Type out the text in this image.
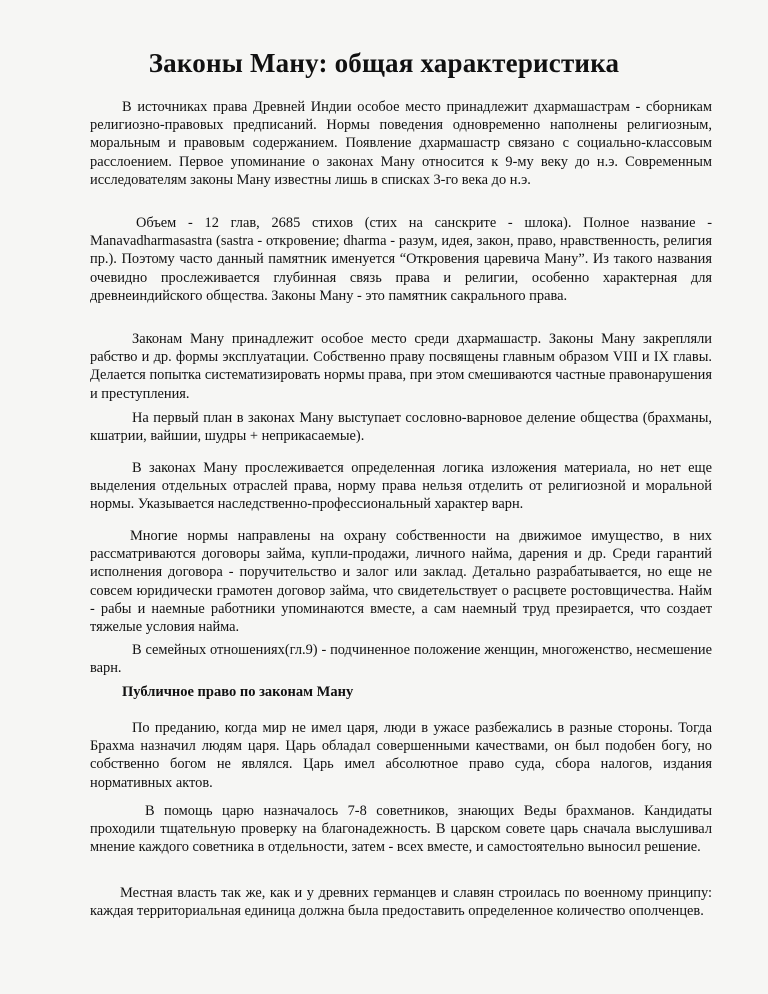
Законы Ману: общая характеристика

В источниках права Древней Индии особое место принадлежит дхармашастрам - сборникам религиозно-правовых предписаний. Нормы поведения одновременно наполнены религиозным, моральным и правовым содержанием. Появление дхармашастр связано с социально-классовым расслоением. Первое упоминание о законах Ману относится к 9-му веку до н.э. Современным исследователям законы Ману известны лишь в списках 3-го века до н.э.

Объем - 12 глав, 2685 стихов (стих на санскрите - шлока). Полное название - Manavadharmasastra (sastra - откровение; dharma - разум, идея, закон, право, нравственность, религия пр.). Поэтому часто данный памятник именуется “Откровения царевича Ману”. Из такого названия очевидно прослеживается глубинная связь права и религии, особенно характерная для древнеиндийского общества. Законы Ману - это памятник сакрального права.

Законам Ману принадлежит особое место среди дхармашастр. Законы Ману закрепляли рабство и др. формы эксплуатации. Собственно праву посвящены главным образом VIII и IX главы. Делается попытка систематизировать нормы права, при этом смешиваются частные правонарушения и преступления.

На первый план в законах Ману выступает сословно-варновое деление общества (брахманы, кшатрии, вайшии, шудры + неприкасаемые).

В законах Ману прослеживается определенная логика изложения материала, но нет еще выделения отдельных отраслей права, норму права нельзя отделить от религиозной и моральной нормы. Указывается наследственно-профессиональный характер варн.

Многие нормы направлены на охрану собственности на движимое имущество, в них рассматриваются договоры займа, купли-продажи, личного найма, дарения и др. Среди гарантий исполнения договора - поручительство и залог или заклад. Детально разрабатывается, но еще не совсем юридически грамотен договор займа, что свидетельствует о расцвете ростовщичества. Найм - рабы и наемные работники упоминаются вместе, а сам наемный труд презирается, что создает тяжелые условия найма.

В семейных отношениях(гл.9) - подчиненное положение женщин, многоженство, несмешение варн.

Публичное право по законам Ману

По преданию, когда мир не имел царя, люди в ужасе разбежались в разные стороны. Тогда Брахма назначил людям царя. Царь обладал совершенными качествами, он был подобен богу, но собственно богом не являлся. Царь имел абсолютное право суда, сбора налогов, издания нормативных актов.

В помощь царю назначалось 7-8 советников, знающих Веды брахманов. Кандидаты проходили тщательную проверку на благонадежность. В царском совете царь сначала выслушивал мнение каждого советника в отдельности, затем - всех вместе, и самостоятельно выносил решение.

Местная власть так же, как и у древних германцев и славян строилась по военному принципу: каждая территориальная единица должна была предоставить определенное количество ополченцев.
